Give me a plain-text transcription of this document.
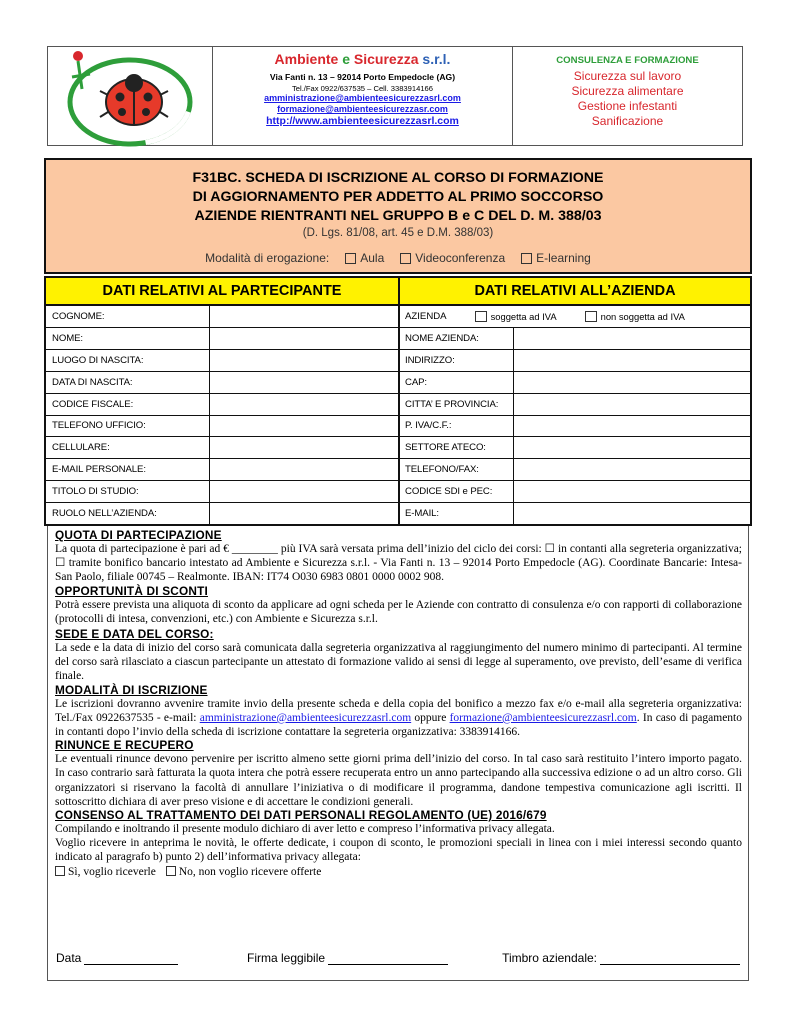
Ambiente e Sicurezza s.r.l.
Via Fanti n. 13 – 92014 Porto Empedocle (AG)
Tel./Fax 0922/637535 – Cell. 3383914166
amministrazione@ambienteesicurezzasrl.com
formazione@ambienteesicurezzasr.com
http://www.ambienteesicurezzasrl.com
CONSULENZA E FORMAZIONE
Sicurezza sul lavoro
Sicurezza alimentare
Gestione infestanti
Sanificazione
F31BC. SCHEDA DI ISCRIZIONE AL CORSO DI FORMAZIONE
DI AGGIORNAMENTO PER ADDETTO AL PRIMO SOCCORSO
AZIENDE RIENTRANTI NEL GRUPPO B e C DEL D. M. 388/03
(D. Lgs. 81/08, art. 45 e D.M. 388/03)
Modalità di erogazione:	Aula	Videoconferenza	E-learning
DATI RELATIVI AL PARTECIPANTE
COGNOME:
NOME:
LUOGO DI NASCITA:
DATA DI NASCITA:
CODICE FISCALE:
TELEFONO UFFICIO:
CELLULARE:
E-MAIL PERSONALE:
TITOLO DI STUDIO:
RUOLO NELL’AZIENDA:
DATI RELATIVI ALL’AZIENDA
AZIENDA	soggetta ad IVA	non soggetta ad IVA
NOME AZIENDA:
INDIRIZZO:
CAP:
CITTA’ E PROVINCIA:
P. IVA/C.F.:
SETTORE ATECO:
TELEFONO/FAX:
CODICE SDI e PEC:
E-MAIL:
QUOTA DI PARTECIPAZIONE
La quota di partecipazione è pari ad € ________ più IVA sarà versata prima dell’inizio del ciclo dei corsi: ☐ in contanti alla segreteria organizzativa; ☐ tramite bonifico bancario intestato ad Ambiente e Sicurezza s.r.l. - Via Fanti n. 13 – 92014 Porto Empedocle (AG). Coordinate Bancarie: Intesa-San Paolo, filiale 00745 – Realmonte. IBAN: IT74 O030 6983 0801 0000 0002 908.
OPPORTUNITÀ DI SCONTI
Potrà essere prevista una aliquota di sconto da applicare ad ogni scheda per le Aziende con contratto di consulenza e/o con rapporti di collaborazione (protocolli di intesa, convenzioni, etc.) con Ambiente e Sicurezza s.r.l.
SEDE E DATA DEL CORSO:
La sede e la data di inizio del corso sarà comunicata dalla segreteria organizzativa al raggiungimento del numero minimo di partecipanti. Al termine del corso sarà rilasciato a ciascun partecipante un attestato di formazione valido ai sensi di legge al superamento, ove previsto, dell’esame di verifica finale.
MODALITÀ DI ISCRIZIONE
Le iscrizioni dovranno avvenire tramite invio della presente scheda e della copia del bonifico a mezzo fax e/o e-mail alla segreteria organizzativa: Tel./Fax 0922637535 - e-mail: amministrazione@ambienteesicurezzasrl.com oppure formazione@ambienteesicurezzasrl.com. In caso di pagamento in contanti dopo l’invio della scheda di iscrizione contattare la segreteria organizzativa: 3383914166.
RINUNCE E RECUPERO
Le eventuali rinunce devono pervenire per iscritto almeno sette giorni prima dell’inizio del corso. In tal caso sarà restituito l’intero importo pagato. In caso contrario sarà fatturata la quota intera che potrà essere recuperata entro un anno partecipando alla successiva edizione o ad un altro corso. Gli organizzatori si riservano la facoltà di annullare l’iniziativa o di modificare il programma, dandone tempestiva comunicazione agli iscritti. Il sottoscritto dichiara di aver preso visione e di accettare le condizioni generali.
CONSENSO AL TRATTAMENTO DEI DATI PERSONALI REGOLAMENTO (UE) 2016/679
Compilando e inoltrando il presente modulo dichiaro di aver letto e compreso l’informativa privacy allegata.
Voglio ricevere in anteprima le novità, le offerte dedicate, i coupon di sconto, le promozioni speciali in linea con i miei interessi secondo quanto indicato al paragrafo b) punto 2) dell’informativa privacy allegata:
Sì, voglio riceverle	No, non voglio ricevere offerte
Data	Firma leggibile	Timbro aziendale:
